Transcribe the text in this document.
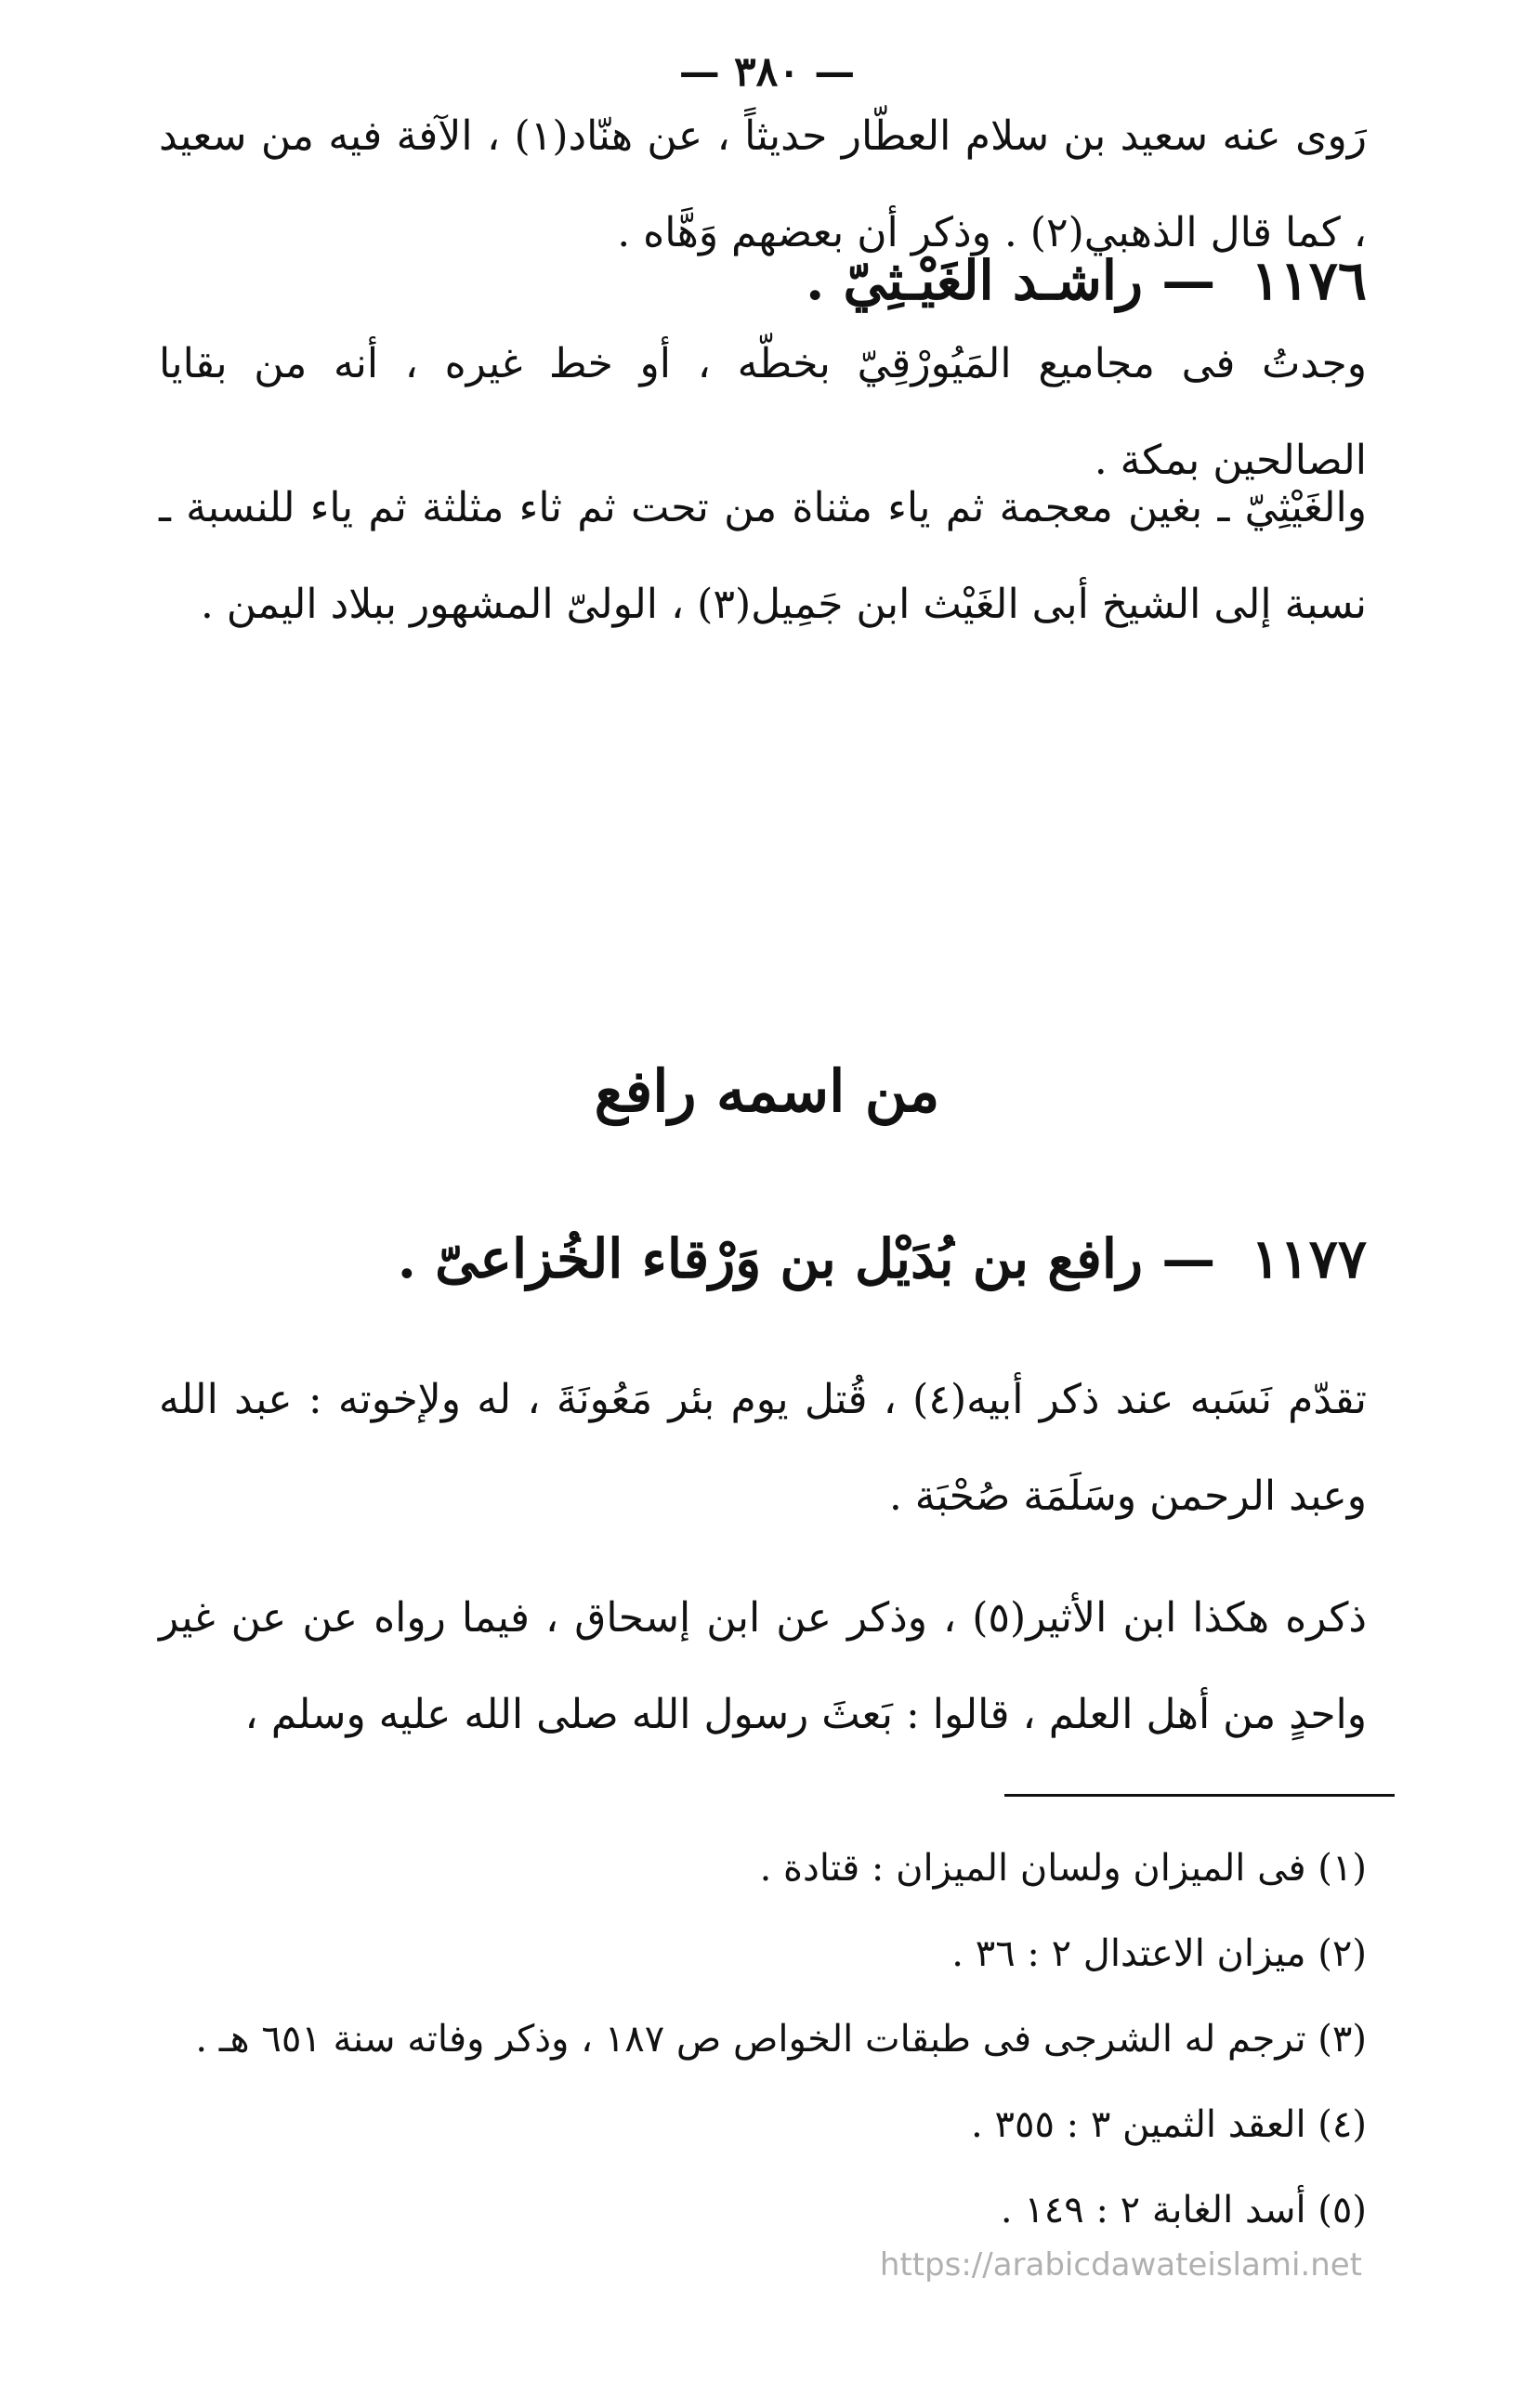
— ٣٨٠ —

رَوى عنه سعيد بن سلام العطّار حديثاً ، عن هنّاد(١) ، الآفة فيه من سعيد ، كما قال الذهبي(٢) . وذكر أن بعضهم وَهَّاه .

١١٧٦ — راشـد الغَيْـثِيّ .

وجدتُ فى مجاميع المَيُورْقِيّ بخطّه ، أو خط غيره ، أنه من بقايا الصالحين بمكة .

والغَيْثِيّ ـ بغين معجمة ثم ياء مثناة من تحت ثم ثاء مثلثة ثم ياء للنسبة ـ نسبة إلى الشيخ أبى الغَيْث ابن جَمِيل(٣) ، الولىّ المشهور ببلاد اليمن .

من اسمه رافع
١١٧٧ — رافع بن بُدَيْل بن وَرْقاء الخُزاعىّ .

تقدّم نَسَبه عند ذكر أبيه(٤) ، قُتل يوم بئر مَعُونَةَ ، له ولإخوته : عبد الله وعبد الرحمن وسَلَمَة صُحْبَة .

ذكره هكذا ابن الأثير(٥) ، وذكر عن ابن إسحاق ، فيما رواه عن عن غير واحدٍ من أهل العلم ، قالوا : بَعثَ رسول الله صلى الله عليه وسلم ،

(١) فى الميزان ولسان الميزان : قتادة .
(٢) ميزان الاعتدال ٢ : ٣٦ .
(٣) ترجم له الشرجى فى طبقات الخواص ص ١٨٧ ، وذكر وفاته سنة ٦٥١ هـ .
(٤) العقد الثمين ٣ : ٣٥٥ .
(٥) أسد الغابة ٢ : ١٤٩ .
https://arabicdawateislami.net
